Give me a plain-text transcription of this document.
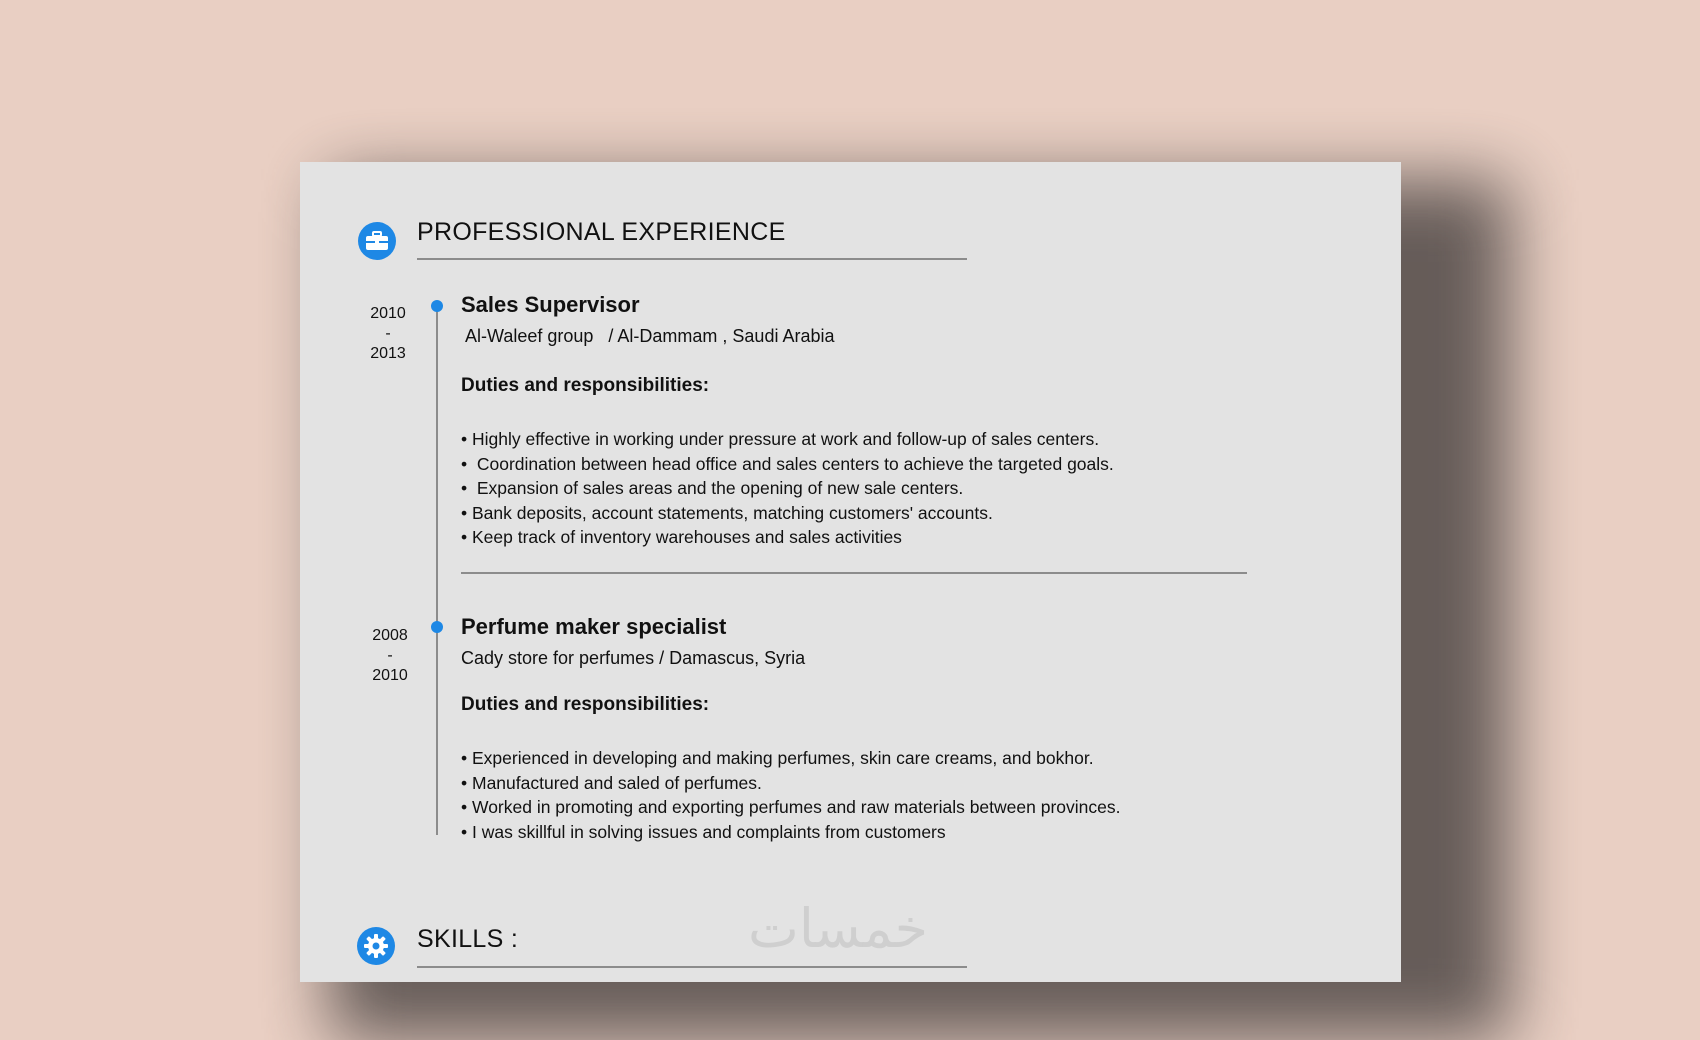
PROFESSIONAL EXPERIENCE
2010
-
2013
Sales Supervisor
Al-Waleef group   / Al-Dammam , Saudi Arabia
Duties and responsibilities:
• Highly effective in working under pressure at work and follow-up of sales centers.
•  Coordination between head office and sales centers to achieve the targeted goals.
•  Expansion of sales areas and the opening of new sale centers.
• Bank deposits, account statements, matching customers' accounts.
• Keep track of inventory warehouses and sales activities
2008
-
2010
Perfume maker specialist
Cady store for perfumes / Damascus, Syria
Duties and responsibilities:
• Experienced in developing and making perfumes, skin care creams, and bokhor.
• Manufactured and saled of perfumes.
• Worked in promoting and exporting perfumes and raw materials between provinces.
• I was skillful in solving issues and complaints from customers
SKILLS :	خمسات
